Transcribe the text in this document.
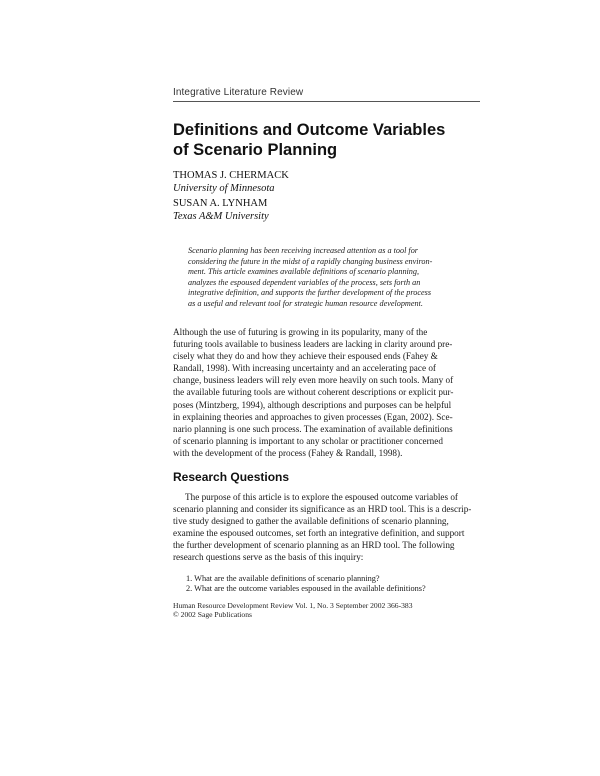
Integrative Literature Review
Definitions and Outcome Variables
of Scenario Planning
THOMAS J. CHERMACK
University of Minnesota
SUSAN A. LYNHAM
Texas A&M University
Scenario planning has been receiving increased attention as a tool for
considering the future in the midst of a rapidly changing business environ-
ment. This article examines available definitions of scenario planning,
analyzes the espoused dependent variables of the process, sets forth an
integrative definition, and supports the further development of the process
as a useful and relevant tool for strategic human resource development.
Although the use of futuring is growing in its popularity, many of the
futuring tools available to business leaders are lacking in clarity around pre-
cisely what they do and how they achieve their espoused ends (Fahey &
Randall, 1998). With increasing uncertainty and an accelerating pace of
change, business leaders will rely even more heavily on such tools. Many of
the available futuring tools are without coherent descriptions or explicit pur-
poses (Mintzberg, 1994), although descriptions and purposes can be helpful
in explaining theories and approaches to given processes (Egan, 2002). Sce-
nario planning is one such process. The examination of available definitions
of scenario planning is important to any scholar or practitioner concerned
with the development of the process (Fahey & Randall, 1998).
Research Questions
The purpose of this article is to explore the espoused outcome variables of
scenario planning and consider its significance as an HRD tool. This is a descrip-
tive study designed to gather the available definitions of scenario planning,
examine the espoused outcomes, set forth an integrative definition, and support
the further development of scenario planning as an HRD tool. The following
research questions serve as the basis of this inquiry:
1. What are the available definitions of scenario planning?
2. What are the outcome variables espoused in the available definitions?
Human Resource Development Review Vol. 1, No. 3 September 2002 366-383
© 2002 Sage Publications
